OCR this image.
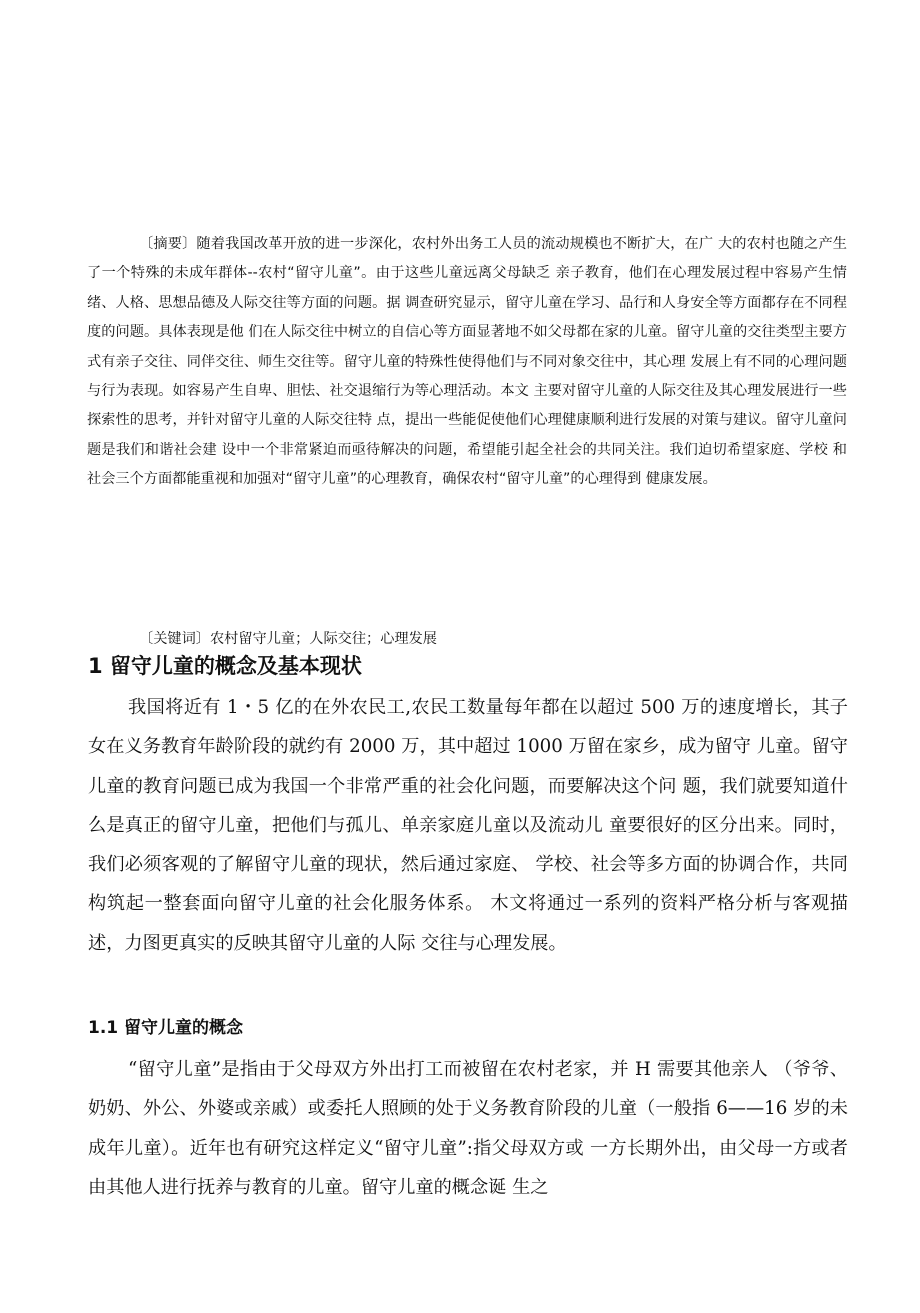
〔摘要〕随着我国改革开放的进一步深化，农村外出务工人员的流动规模也不断扩大，在广 大的农村也随之产生了一个特殊的未成年群体--农村“留守儿童”。由于这些儿童远离父母缺乏 亲子教育，他们在心理发展过程中容易产生情绪、人格、思想品德及人际交往等方面的问题。据 调查研究显示，留守儿童在学习、品行和人身安全等方面都存在不同程度的问题。具体表现是他 们在人际交往中树立的自信心等方面显著地不如父母都在家的儿童。留守儿童的交往类型主要方 式有亲子交往、同伴交往、师生交往等。留守儿童的特殊性使得他们与不同对象交往中，其心理 发展上有不同的心理问题与行为表现。如容易产生自卑、胆怯、社交退缩行为等心理活动。本文 主要对留守儿童的人际交往及其心理发展进行一些探索性的思考，并针对留守儿童的人际交往特 点，提出一些能促使他们心理健康顺利进行发展的对策与建议。留守儿童问题是我们和谐社会建 设中一个非常紧迫而亟待解决的问题，希望能引起全社会的共同关注。我们迫切希望家庭、学校 和社会三个方面都能重视和加强对“留守儿童”的心理教育，确保农村“留守儿童”的心理得到 健康发展。

〔关键词〕农村留守儿童；人际交往；心理发展

1 留守儿童的概念及基本现状

我国将近有 1・5 亿的在外农民工,农民工数量每年都在以超过 500 万的速度增长，其子女在义务教育年龄阶段的就约有 2000 万，其中超过 1000 万留在家乡，成为留守 儿童。留守儿童的教育问题已成为我国一个非常严重的社会化问题，而要解决这个问 题，我们就要知道什么是真正的留守儿童，把他们与孤儿、单亲家庭儿童以及流动儿 童要很好的区分出来。同时，我们必须客观的了解留守儿童的现状，然后通过家庭、 学校、社会等多方面的协调合作，共同构筑起一整套面向留守儿童的社会化服务体系。 木文将通过一系列的资料严格分析与客观描述，力图更真实的反映其留守儿童的人际 交往与心理发展。

1.1 留守儿童的概念

“留守儿童”是指由于父母双方外出打工而被留在农村老家，并 H 需要其他亲人 （爷爷、奶奶、外公、外婆或亲戚）或委托人照顾的处于义务教育阶段的儿童（一般指 6——16 岁的未成年儿童）。近年也有研究这样定义“留守儿童”:指父母双方或 一方长期外出，由父母一方或者由其他人进行抚养与教育的儿童。留守儿童的概念诞 生之
